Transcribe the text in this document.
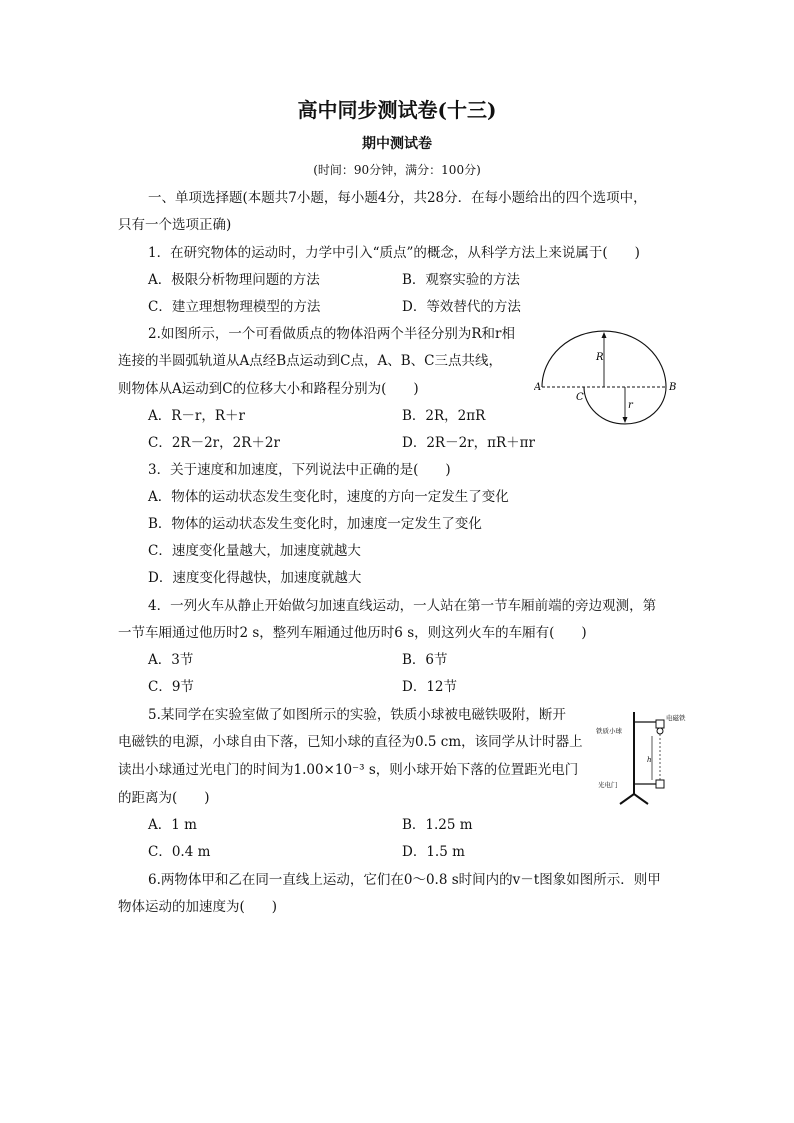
高中同步测试卷(十三)
期中测试卷
(时间：90分钟，满分：100分)
一、单项选择题(本题共7小题，每小题4分，共28分．在每小题给出的四个选项中，
只有一个选项正确)
1．在研究物体的运动时，力学中引入“质点”的概念，从科学方法上来说属于(　　)
A．极限分析物理问题的方法	B．观察实验的方法
C．建立理想物理模型的方法	D．等效替代的方法
2.如图所示，一个可看做质点的物体沿两个半径分别为R和r相
连接的半圆弧轨道从A点经B点运动到C点，A、B、C三点共线，
则物体从A运动到C的位移大小和路程分别为(　　)
A．R－r，R＋r	B．2R，2πR
C．2R－2r，2R＋2r	D．2R－2r，πR＋πr
R
r
A	B
C
3．关于速度和加速度，下列说法中正确的是(　　)
A．物体的运动状态发生变化时，速度的方向一定发生了变化
B．物体的运动状态发生变化时，加速度一定发生了变化
C．速度变化量越大，加速度就越大
D．速度变化得越快，加速度就越大
4．一列火车从静止开始做匀加速直线运动，一人站在第一节车厢前端的旁边观测，第
一节车厢通过他历时2 s，整列车厢通过他历时6 s，则这列火车的车厢有(　　)
A．3节	B．6节
C．9节	D．12节
5.某同学在实验室做了如图所示的实验，铁质小球被电磁铁吸附，断开
电磁铁的电源，小球自由下落，已知小球的直径为0.5 cm，该同学从计时器上
读出小球通过光电门的时间为1.00×10⁻³ s，则小球开始下落的位置距光电门
的距离为(　　)
A．1 m	B．1.25 m
C．0.4 m	D．1.5 m
h
电磁铁
铁质小球
光电门
6.两物体甲和乙在同一直线上运动，它们在0～0.8 s时间内的v－t图象如图所示．则甲
物体运动的加速度为(　　)
